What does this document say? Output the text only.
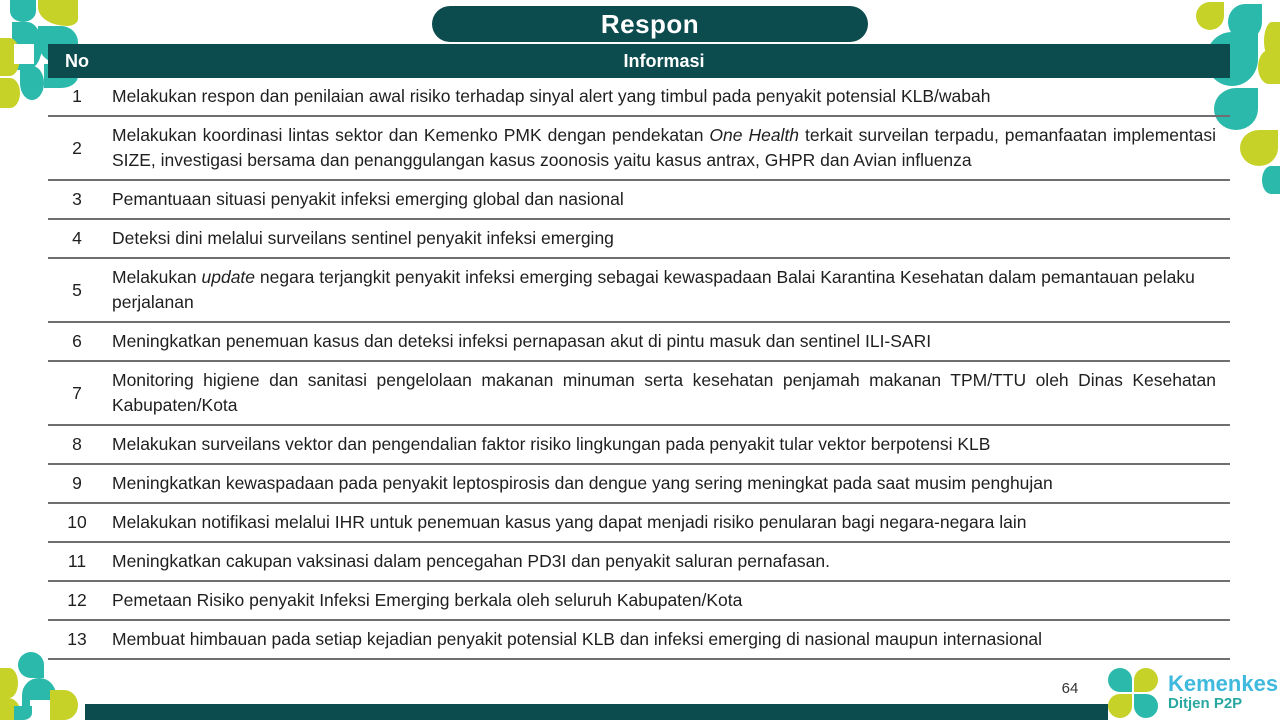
Respon
No	Informasi
1	Melakukan respon dan penilaian awal risiko terhadap sinyal alert yang timbul pada penyakit potensial KLB/wabah
2
Melakukan koordinasi lintas sektor dan Kemenko PMK dengan pendekatan One Health terkait surveilan terpadu, pemanfaatan implementasi SIZE, investigasi bersama dan penanggulangan kasus zoonosis yaitu kasus antrax, GHPR dan Avian influenza
3	Pemantuaan situasi penyakit infeksi emerging global dan nasional
4	Deteksi dini melalui surveilans sentinel penyakit infeksi emerging
5
Melakukan update negara terjangkit penyakit infeksi emerging sebagai kewaspadaan Balai Karantina Kesehatan dalam pemantauan pelaku perjalanan
6	Meningkatkan penemuan kasus dan deteksi infeksi pernapasan akut di pintu masuk dan sentinel ILI-SARI
7
Monitoring higiene dan sanitasi pengelolaan makanan minuman serta kesehatan penjamah makanan TPM/TTU oleh Dinas Kesehatan Kabupaten/Kota
8	Melakukan surveilans vektor dan pengendalian faktor risiko lingkungan pada penyakit tular vektor berpotensi KLB
9	Meningkatkan kewaspadaan pada penyakit leptospirosis dan dengue yang sering meningkat pada saat musim penghujan
10	Melakukan notifikasi melalui IHR untuk penemuan kasus yang dapat menjadi risiko penularan bagi negara-negara lain
11	Meningkatkan cakupan vaksinasi dalam pencegahan PD3I dan penyakit saluran pernafasan.
12	Pemetaan Risiko penyakit Infeksi Emerging berkala oleh seluruh Kabupaten/Kota
13	Membuat himbauan pada setiap kejadian penyakit potensial KLB dan infeksi emerging di nasional maupun internasional
64	Kemenkes
Ditjen P2P
